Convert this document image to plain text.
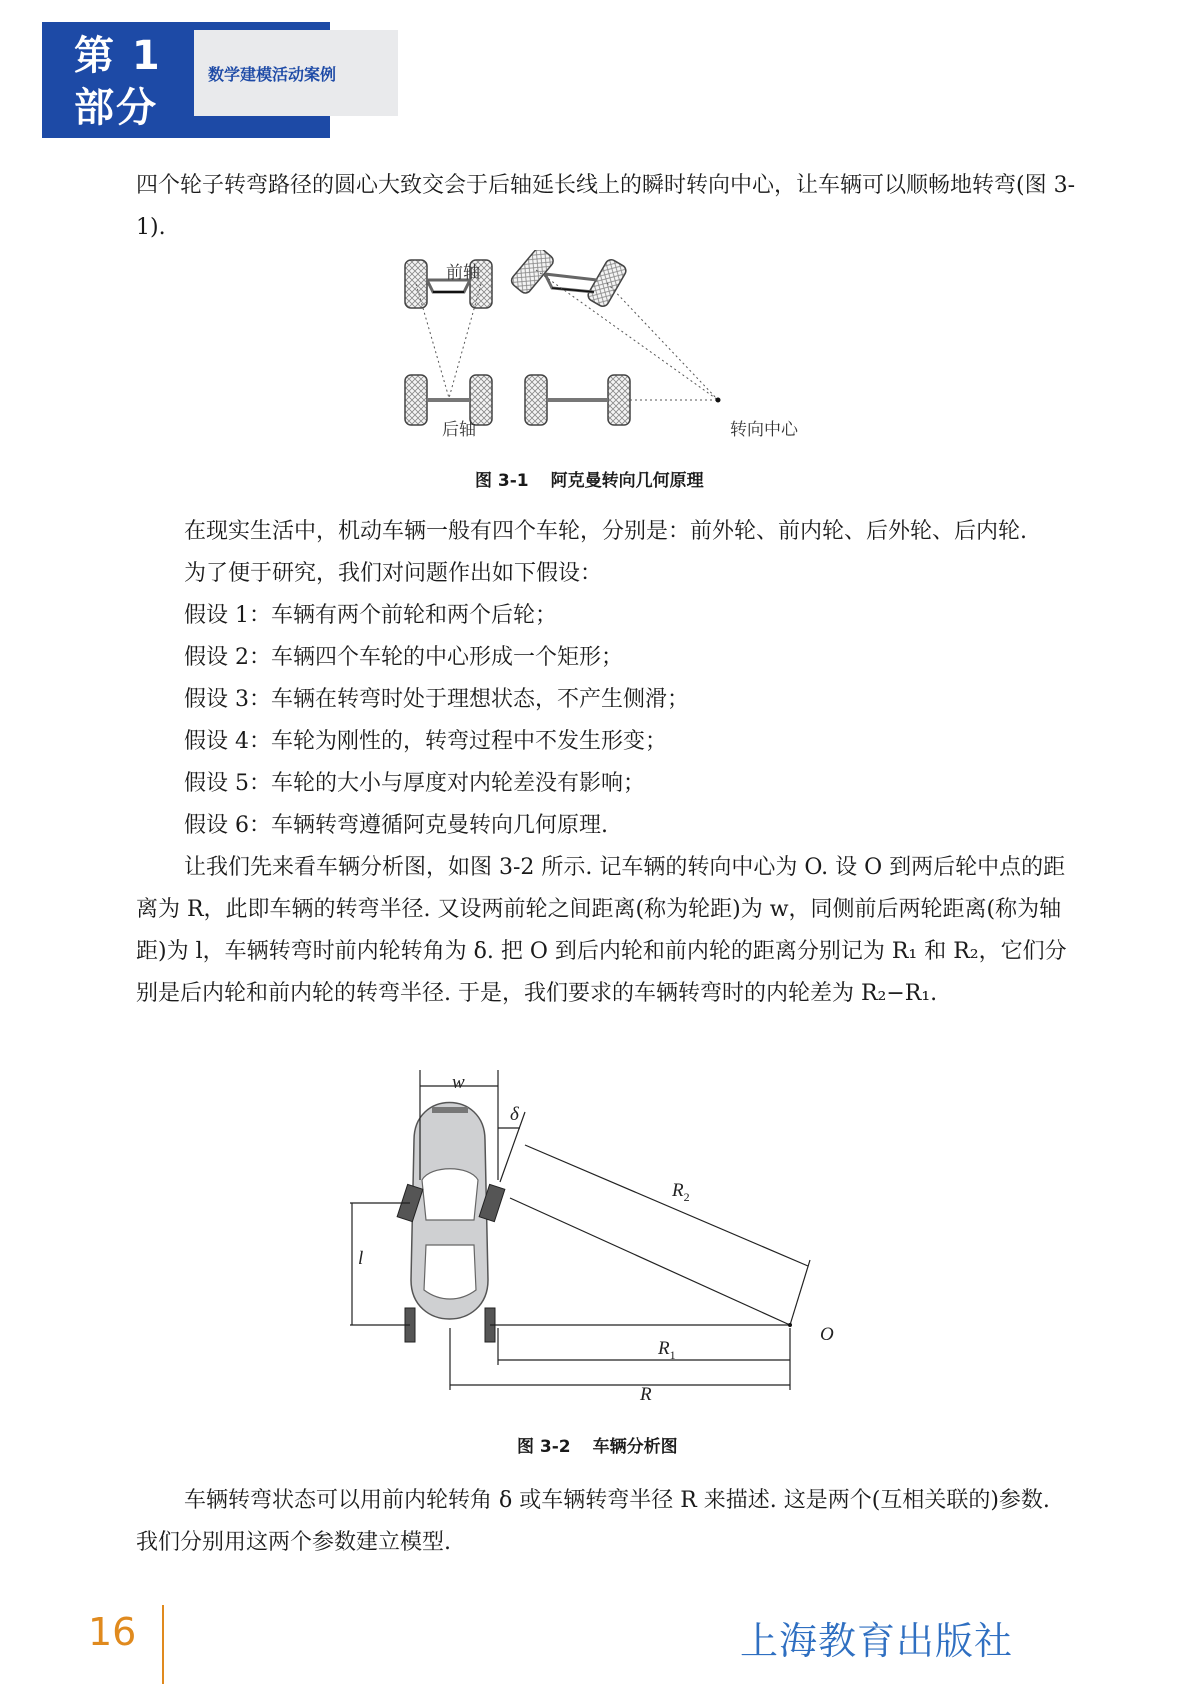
第 1
部分
数学建模活动案例

四个轮子转弯路径的圆心大致交会于后轴延长线上的瞬时转向中心，让车辆可以顺畅地转弯(图 3-1).

前轴
后轴	转向中心
图 3-1 阿克曼转向几何原理
在现实生活中，机动车辆一般有四个车轮，分别是：前外轮、前内轮、后外轮、后内轮.
为了便于研究，我们对问题作出如下假设：
假设 1：车辆有两个前轮和两个后轮；
假设 2：车辆四个车轮的中心形成一个矩形；
假设 3：车辆在转弯时处于理想状态，不产生侧滑；
假设 4：车轮为刚性的，转弯过程中不发生形变；
假设 5：车轮的大小与厚度对内轮差没有影响；
假设 6：车辆转弯遵循阿克曼转向几何原理.

让我们先来看车辆分析图，如图 3-2 所示. 记车辆的转向中心为 O. 设 O 到两后轮中点的距离为 R，此即车辆的转弯半径. 又设两前轮之间距离(称为轮距)为 w，同侧前后两轮距离(称为轴距)为 l，车辆转弯时前内轮转角为 δ. 把 O 到后内轮和前内轮的距离分别记为 R₁ 和 R₂，它们分别是后内轮和前内轮的转弯半径. 于是，我们要求的车辆转弯时的内轮差为 R₂−R₁.

w
δ
l
$R_2$
$R_1$
R
O
图 3-2 车辆分析图

车辆转弯状态可以用前内轮转角 δ 或车辆转弯半径 R 来描述. 这是两个(互相关联的)参数. 我们分别用这两个参数建立模型.

16	上海教育出版社
